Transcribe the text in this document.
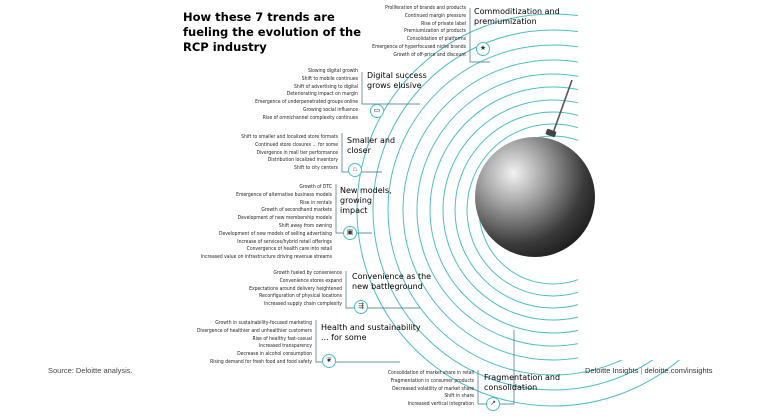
How these 7 trends are fueling the evolution of the RCP industry
Proliferation of brands and products
Continued margin pressure
Rise of private label
Premiumization of products
Consolidation of platforms
Emergence of hyperfocused niche brands
Growth of off-price and discount
Commoditization and premiumization
★
Slowing digital growth
Shift to mobile continues
Shift of advertising to digital
Deteriorating impact on margin
Emergence of underpenetrated groups online
Growing social influence
Rise of omnichannel complexity continues
Digital success grows elusive
▭
Shift to smaller and localized store formats
Continued store closures ... for some
Divergence in mall tier performance
Distribution localized inventory
Shift to city centers
Smaller and closer
⌂
Growth of DTC
Emergence of alternative business models
Rise in rentals
Growth of secondhand markets
Development of new membership models
Shift away from owning
Development of new models of selling advertising
Increase of services/hybrid retail offerings
Convergence of health care into retail
Increased value on infrastructure driving revenue streams
New models, growing impact
▣
Growth fueled by convenience
Convenience stores expand
Expectations around delivery heightened
Reconfiguration of physical locations
Increased supply chain complexity
Convenience as the new battleground
⇶
Growth in sustainability-focused marketing
Divergence of healthier and unhealthier customers
Rise of healthy fast-casual
Increased transparency
Decrease in alcohol consumption
Rising demand for fresh food and food safety
Health and sustainability ... for some
❦
Consolidation of market share in retail
Fragmentation in consumer products
Decreased volatility of market share
Shift in share
Increased vertical integration
Fragmentation and consolidation
↗
Source: Deloitte analysis.	Deloitte Insights | deloitte.com/insights
